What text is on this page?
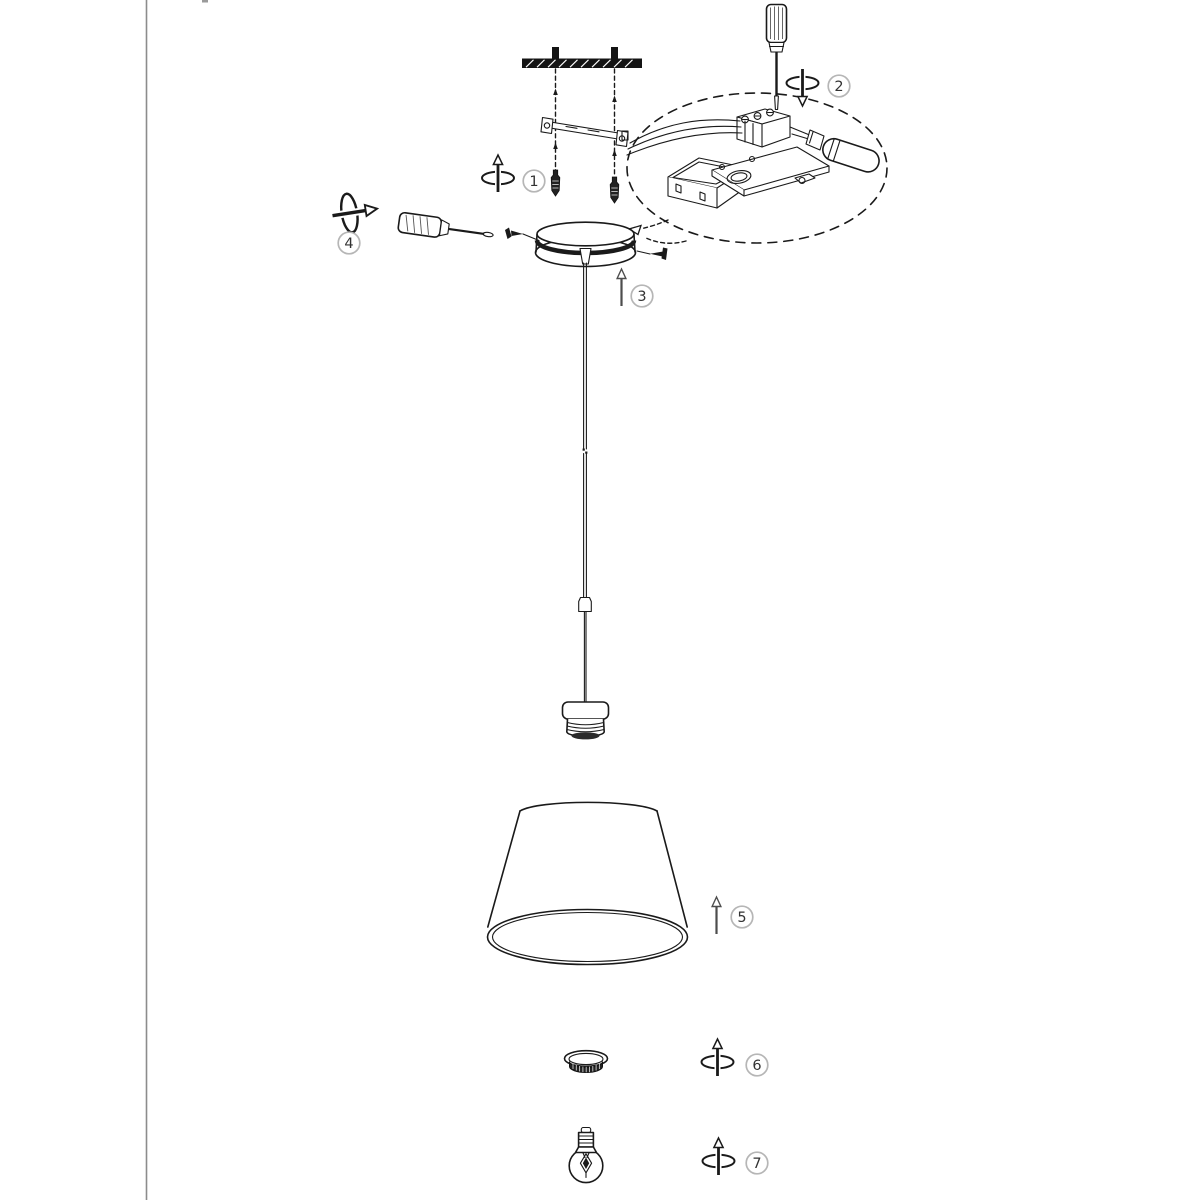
1
2
4
3
5
6
7
